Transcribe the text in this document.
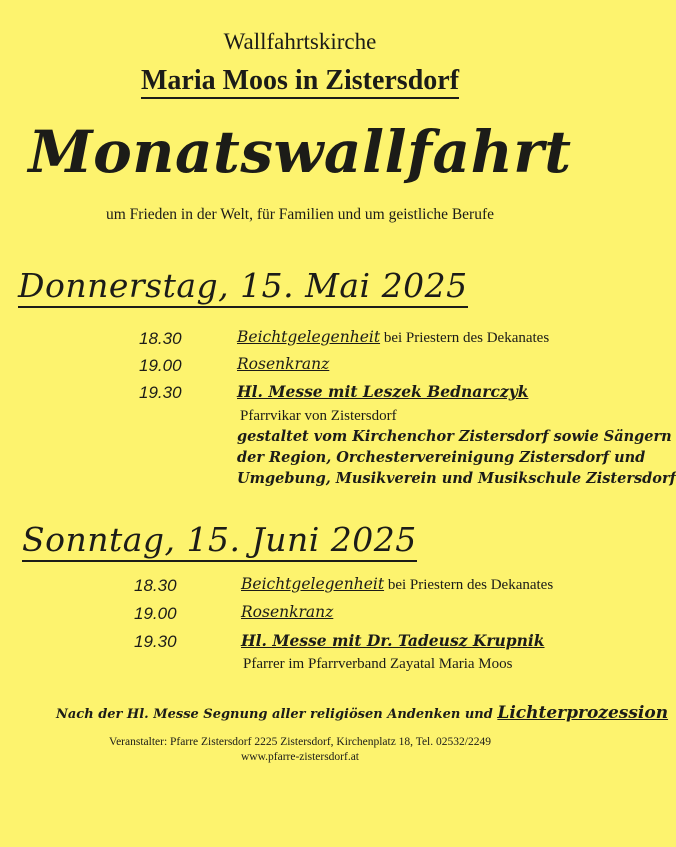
Wallfahrtskirche
Maria Moos in Zistersdorf
Monatswallfahrt
um Frieden in der Welt, für Familien und um geistliche Berufe
Donnerstag, 15. Mai 2025
18.30	Beichtgelegenheit bei Priestern des Dekanates
19.00	Rosenkranz
19.30	Hl. Messe mit Leszek Bednarczyk
Pfarrvikar von Zistersdorf
gestaltet vom Kirchenchor Zistersdorf sowie Sängern
der Region, Orchestervereinigung Zistersdorf und
Umgebung, Musikverein und Musikschule Zistersdorf
Sonntag, 15. Juni 2025
18.30	Beichtgelegenheit bei Priestern des Dekanates
19.00	Rosenkranz
19.30	Hl. Messe mit Dr. Tadeusz Krupnik
Pfarrer im Pfarrverband Zayatal Maria Moos
Nach der Hl. Messe Segnung aller religiösen Andenken und Lichterprozession
Veranstalter: Pfarre Zistersdorf 2225 Zistersdorf, Kirchenplatz 18, Tel. 02532/2249
www.pfarre-zistersdorf.at
